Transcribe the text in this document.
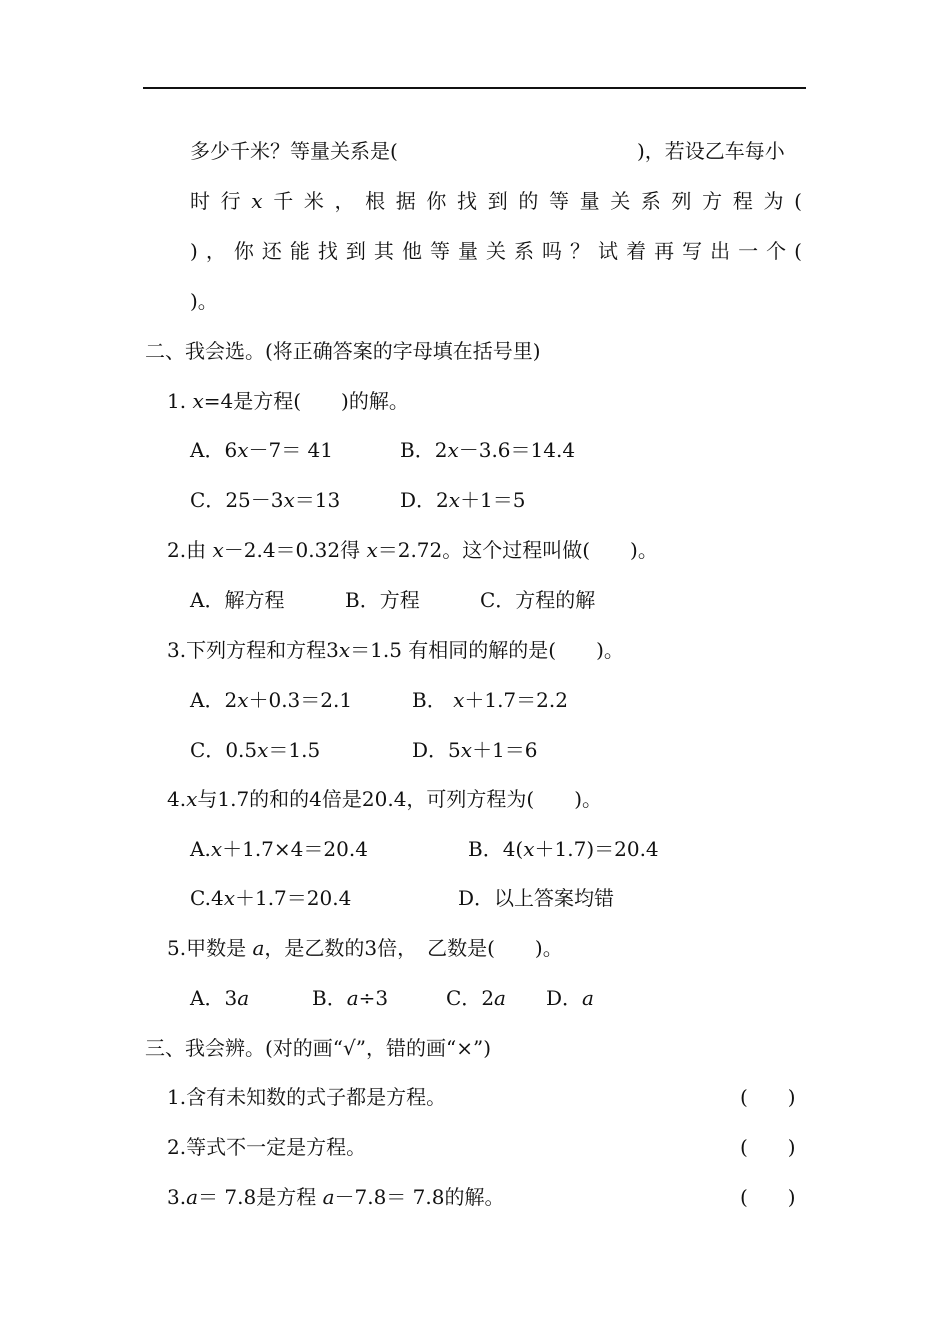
多少千米？等量关系是(	)，若设乙车每小
时 行 x 千 米 ， 根 据 你 找 到 的 等 量 关 系 列 方 程 为 (
) ， 你 还 能 找 到 其 他 等 量 关 系 吗 ？ 试 着 再 写 出 一 个 (
)。
二、我会选。(将正确答案的字母填在括号里)
1. x=4是方程(　　)的解。
A．6x－7＝ 41	B．2x－3.6＝14.4
C．25－3x＝13	D．2x＋1＝5
2.由 x－2.4＝0.32得 x＝2.72。这个过程叫做(　　)。
A．解方程	B．方程	C．方程的解
3.下列方程和方程3x＝1.5 有相同的解的是(　　)。
A．2x＋0.3＝2.1	B． x＋1.7＝2.2
C．0.5x＝1.5	D．5x＋1＝6
4.x与1.7的和的4倍是20.4，可列方程为(　　)。
A.x＋1.7×4＝20.4	B．4(x＋1.7)＝20.4
C.4x＋1.7＝20.4	D．以上答案均错
5.甲数是 a，是乙数的3倍，　乙数是(　　)。
A．3a	B．a÷3	C．2a D．a
三、我会辨。(对的画“√”，错的画“×”)
1.含有未知数的式子都是方程。	(　　)
2.等式不一定是方程。	(　　)
3.a＝ 7.8是方程 a－7.8＝ 7.8的解。	(　　)
